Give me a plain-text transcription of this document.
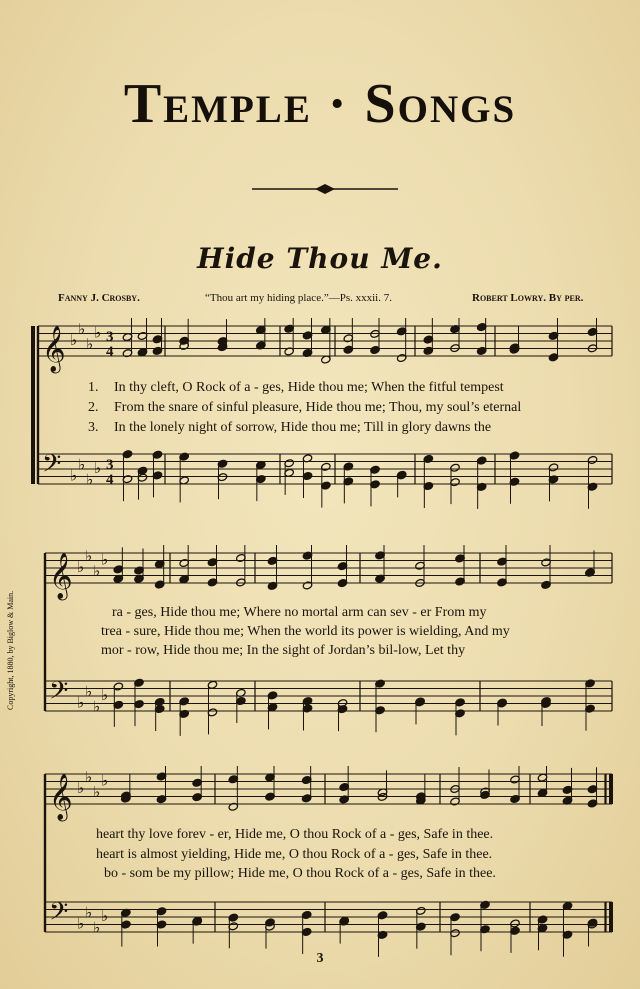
Temple · Songs
Hide Thou Me.
Fanny J. Crosby.	“Thou art my hiding place.”—Ps. xxxii. 7.	Robert Lowry. By per.
Copyright, 1880, by Biglow & Main.
𝄞 ♭
♭
♭
♭ 3
4
𝄢 ♭
♭
♭
♭ 3
4
1. In thy cleft, O Rock of a - ges, Hide thou me; When the fitful tempest
2. From the snare of sinful pleasure, Hide thou me; Thou, my soul’s eternal
3. In the lonely night of sorrow, Hide thou me; Till in glory dawns the
𝄞 ♭
♭
♭
♭
𝄢 ♭
♭
♭
♭
ra - ges, Hide thou me; Where no mortal arm can sev - er From my
trea - sure, Hide thou me; When the world its power is wielding, And my
mor - row, Hide thou me; In the sight of Jordan’s bil-low, Let thy
𝄞 ♭
♭
♭
♭
𝄢 ♭
♭
♭
♭
heart thy love forev - er, Hide me, O thou Rock of a - ges, Safe in thee.
heart is almost yielding, Hide me, O thou Rock of a - ges, Safe in thee.
bo - som be my pillow; Hide me, O thou Rock of a - ges, Safe in thee.
3
